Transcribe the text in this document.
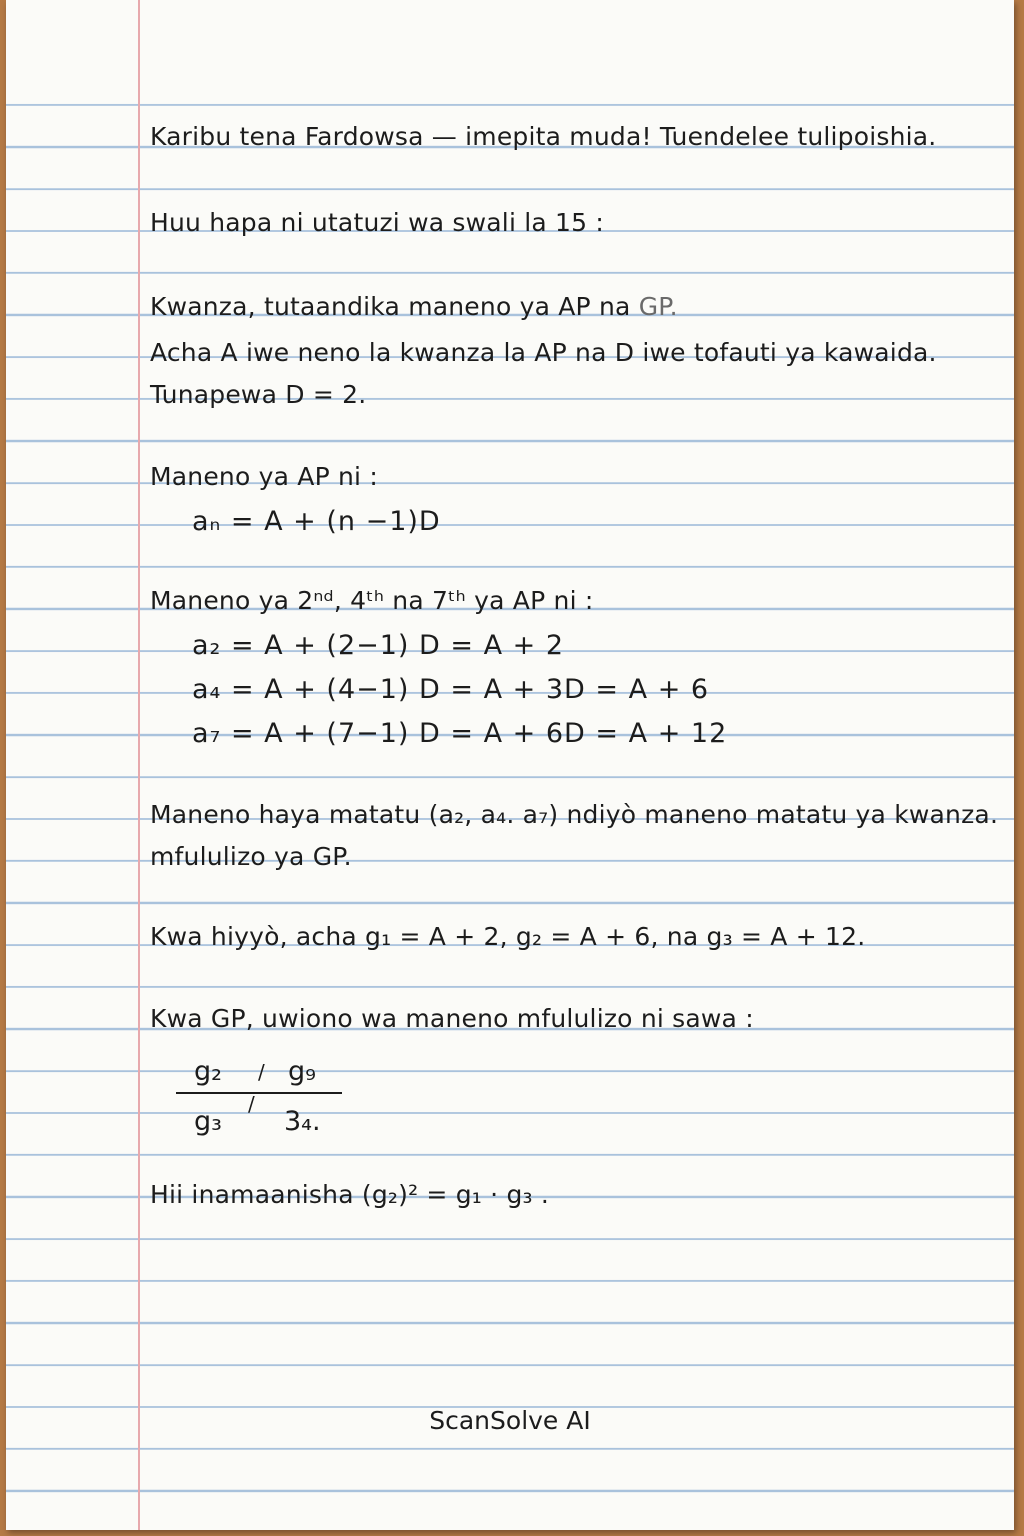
Karibu tena Fardowsa — imepita muda! Tuendelee tulipoishia.
Huu hapa ni utatuzi wa swali la 15 :
Kwanza, tutaandika maneno ya AP na GP.
Acha A iwe neno la kwanza la AP na D iwe tofauti ya kawaida.
Tunapewa D = 2.
Maneno ya AP ni :
aₙ = A + (n −1)D
Maneno ya 2ⁿᵈ, 4ᵗʰ na 7ᵗʰ ya AP ni :
a₂ = A + (2−1) D = A + 2
a₄ = A + (4−1) D = A + 3D = A + 6
a₇ = A + (7−1) D = A + 6D = A + 12
Maneno haya matatu (a₂, a₄. a₇) ndiyò maneno matatu ya kwanza.
mfululizo ya GP.
Kwa hiyyò, acha g₁ = A + 2, g₂ = A + 6, na g₃ = A + 12.
Kwa GP, uwiono wa maneno mfululizo ni sawa :
g₂ / g₉
g₃
/
3₄.
Hii inamaanisha (g₂)² = g₁ · g₃ .
ScanSolve AI
